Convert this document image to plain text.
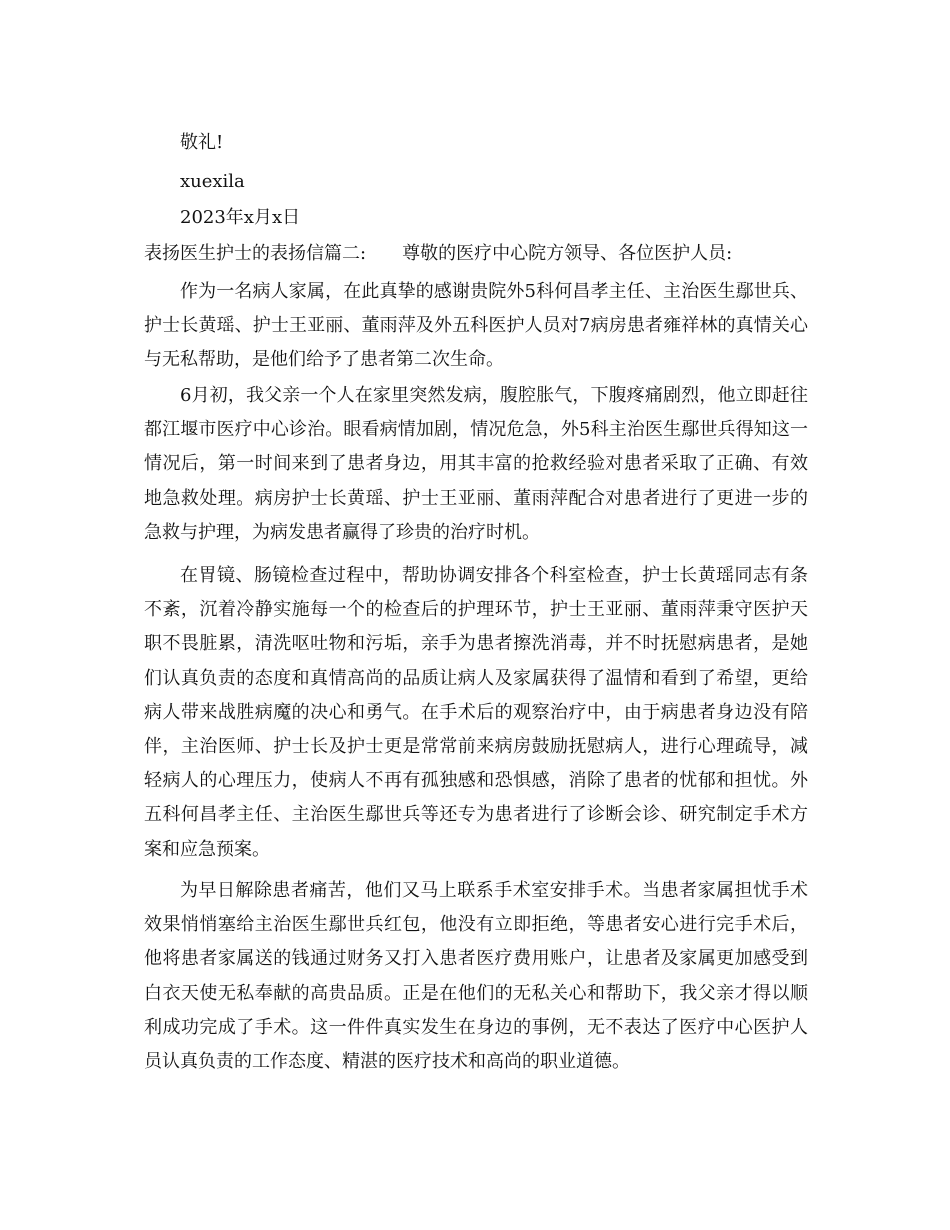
敬礼!
xuexila
2023年x月x日
表扬医生护士的表扬信篇二: 尊敬的医疗中心院方领导、各位医护人员:

作为一名病人家属，在此真挚的感谢贵院外5科何昌孝主任、主治医生鄢世兵、护士长黄瑶、护士王亚丽、董雨萍及外五科医护人员对7病房患者雍祥林的真情关心与无私帮助，是他们给予了患者第二次生命。

6月初，我父亲一个人在家里突然发病，腹腔胀气，下腹疼痛剧烈，他立即赶往都江堰市医疗中心诊治。眼看病情加剧，情况危急，外5科主治医生鄢世兵得知这一情况后，第一时间来到了患者身边，用其丰富的抢救经验对患者采取了正确、有效地急救处理。病房护士长黄瑶、护士王亚丽、董雨萍配合对患者进行了更进一步的急救与护理，为病发患者赢得了珍贵的治疗时机。

在胃镜、肠镜检查过程中，帮助协调安排各个科室检查，护士长黄瑶同志有条不紊，沉着冷静实施每一个的检查后的护理环节，护士王亚丽、董雨萍秉守医护天职不畏脏累，清洗呕吐物和污垢，亲手为患者擦洗消毒，并不时抚慰病患者，是她们认真负责的态度和真情高尚的品质让病人及家属获得了温情和看到了希望，更给病人带来战胜病魔的决心和勇气。在手术后的观察治疗中，由于病患者身边没有陪伴，主治医师、护士长及护士更是常常前来病房鼓励抚慰病人，进行心理疏导，减轻病人的心理压力，使病人不再有孤独感和恐惧感，消除了患者的忧郁和担忧。外五科何昌孝主任、主治医生鄢世兵等还专为患者进行了诊断会诊、研究制定手术方案和应急预案。

为早日解除患者痛苦，他们又马上联系手术室安排手术。当患者家属担忧手术效果悄悄塞给主治医生鄢世兵红包，他没有立即拒绝，等患者安心进行完手术后，他将患者家属送的钱通过财务又打入患者医疗费用账户，让患者及家属更加感受到白衣天使无私奉献的高贵品质。正是在他们的无私关心和帮助下，我父亲才得以顺利成功完成了手术。这一件件真实发生在身边的事例，无不表达了医疗中心医护人员认真负责的工作态度、精湛的医疗技术和高尚的职业道德。
